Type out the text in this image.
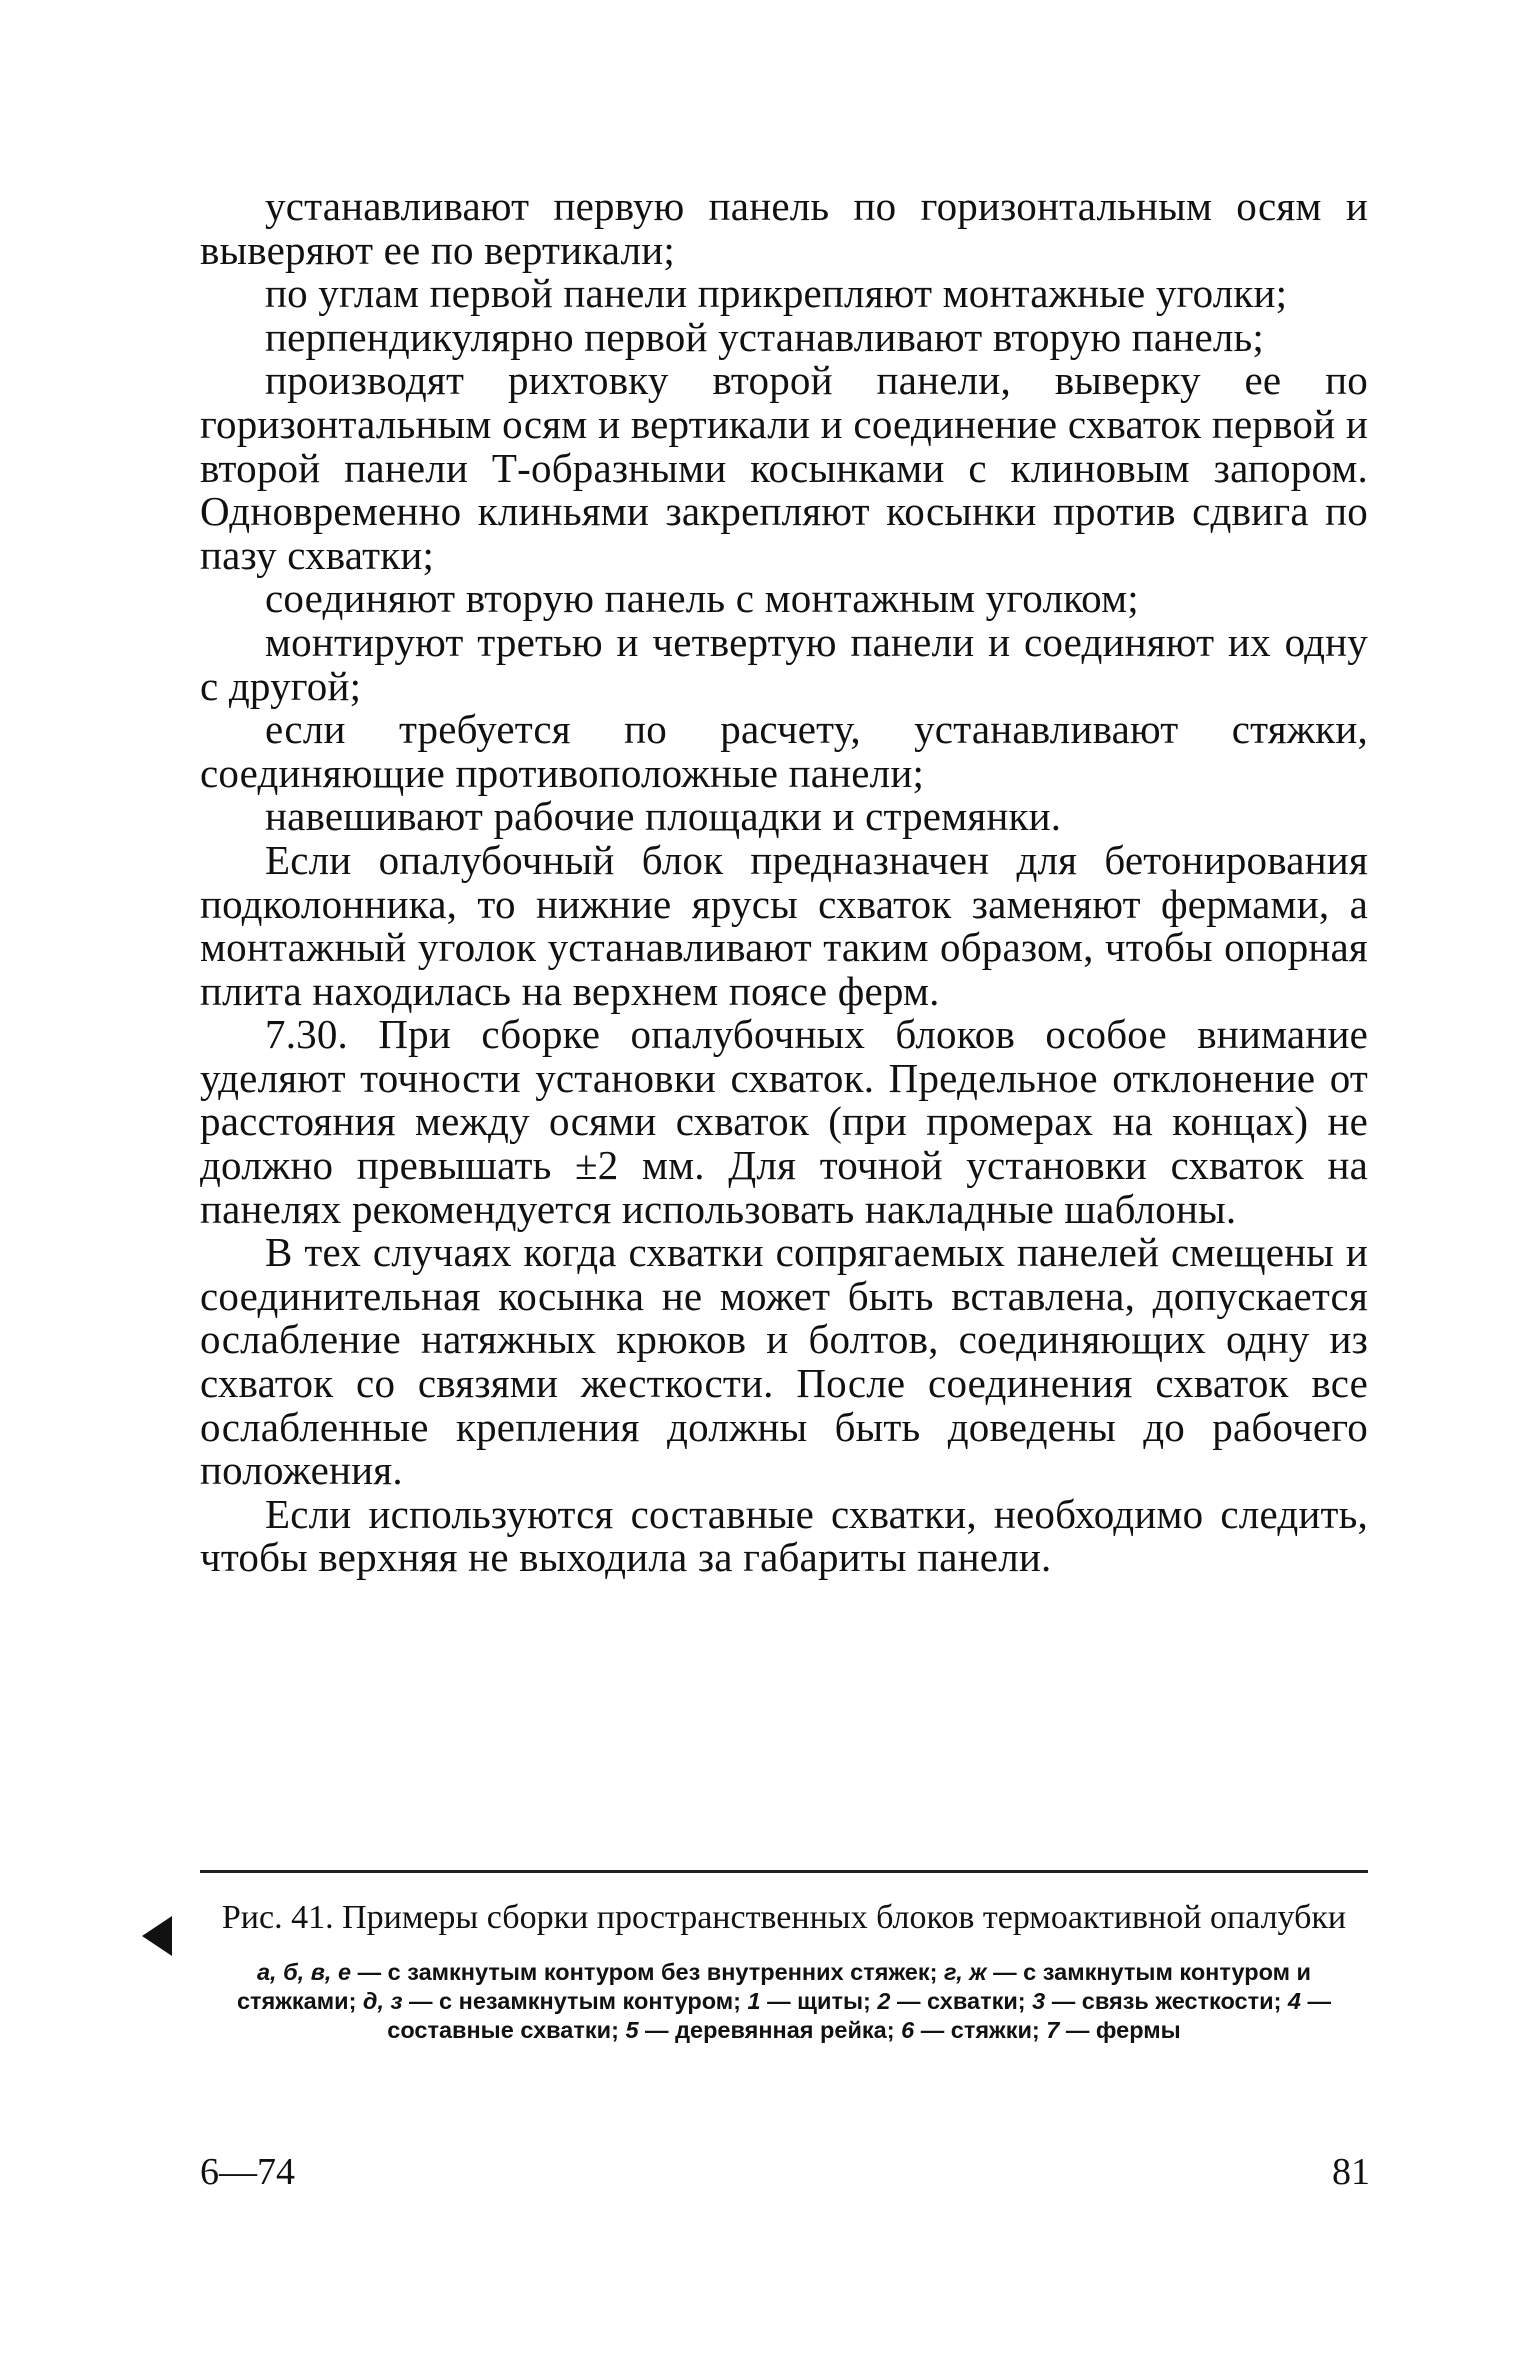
устанавливают первую панель по горизонтальным осям и выверяют ее по вертикали;

по углам первой панели прикрепляют монтажные уголки;

перпендикулярно первой устанавливают вторую панель;

производят рихтовку второй панели, выверку ее по горизонтальным осям и вертикали и соединение схваток первой и второй панели Т-образными косынками с клиновым запором. Одновременно клиньями закрепляют косынки против сдвига по пазу схватки;

соединяют вторую панель с монтажным уголком;

монтируют третью и четвертую панели и соединяют их одну с другой;

если требуется по расчету, устанавливают стяжки, соединяющие противоположные панели;

навешивают рабочие площадки и стремянки.

Если опалубочный блок предназначен для бетонирования подколонника, то нижние ярусы схваток заменяют фермами, а монтажный уголок устанавливают таким образом, чтобы опорная плита находилась на верхнем поясе ферм.

7.30. При сборке опалубочных блоков особое внимание уделяют точности установки схваток. Предельное отклонение от расстояния между осями схваток (при промерах на концах) не должно превышать ±2 мм. Для точной установки схваток на панелях рекомендуется использовать накладные шаблоны.

В тех случаях когда схватки сопрягаемых панелей смещены и соединительная косынка не может быть вставлена, допускается ослабление натяжных крюков и болтов, соединяющих одну из схваток со связями жесткости. После соединения схваток все ослабленные крепления должны быть доведены до рабочего положения.

Если используются составные схватки, необходимо следить, чтобы верхняя не выходила за габариты панели.

Рис. 41. Примеры сборки пространственных блоков термоактивной опалубки

а, б, в, е — с замкнутым контуром без внутренних стяжек; г, ж — с замкнутым контуром и стяжками; д, з — с незамкнутым контуром; 1 — щиты; 2 — схватки; 3 — связь жесткости; 4 — составные схватки; 5 — деревянная рейка; 6 — стяжки; 7 — фермы

6—74	81
